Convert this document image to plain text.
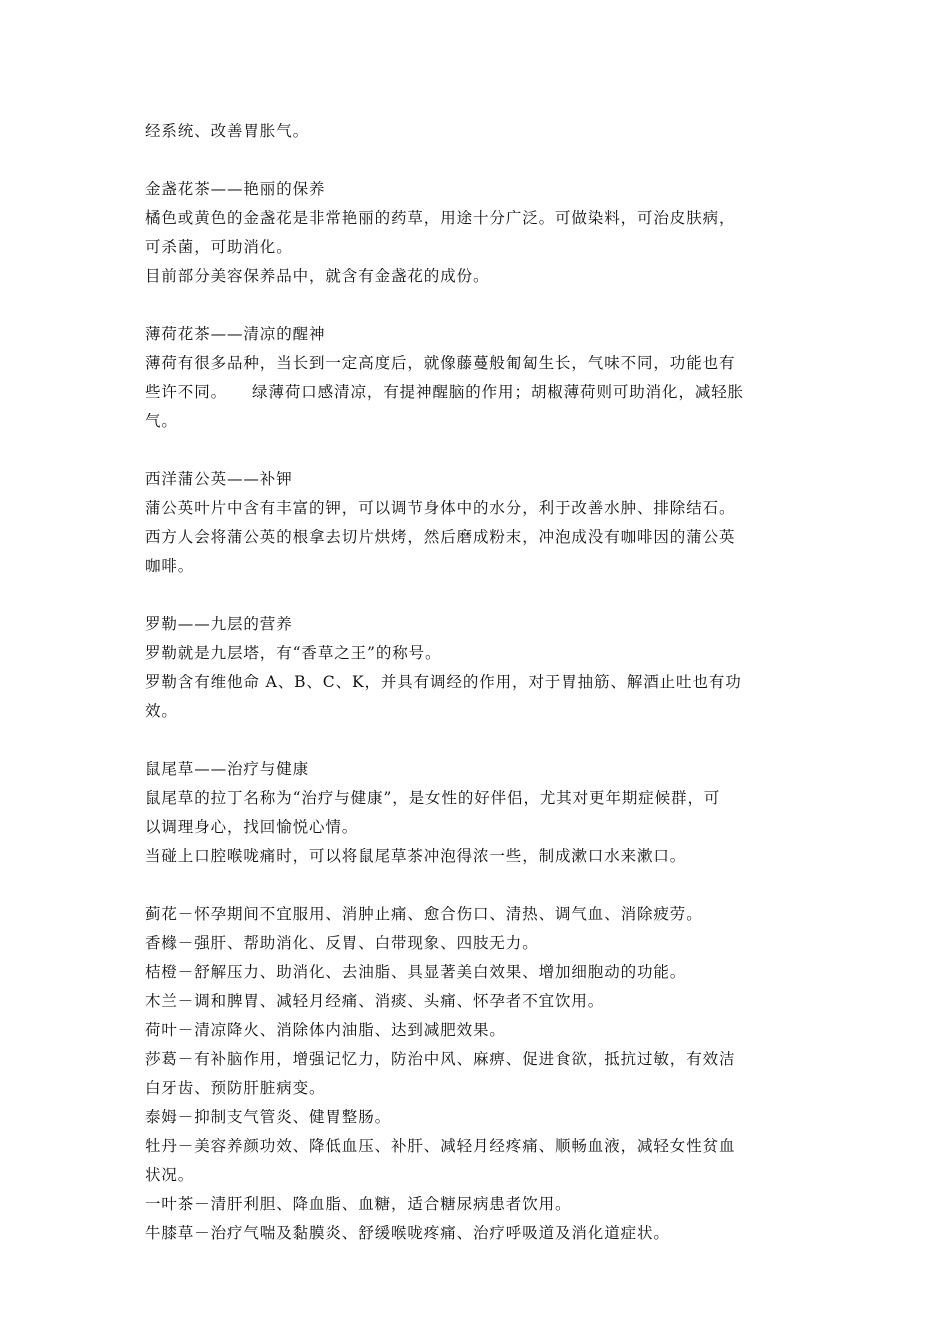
经系统、改善胃胀气。
金盏花茶——艳丽的保养
橘色或黄色的金盏花是非常艳丽的药草，用途十分广泛。可做染料，可治皮肤病，
可杀菌，可助消化。
目前部分美容保养品中，就含有金盏花的成份。
薄荷花茶——清凉的醒神
薄荷有很多品种，当长到一定高度后，就像藤蔓般匍匐生长，气味不同，功能也有
些许不同。　　绿薄荷口感清凉，有提神醒脑的作用；胡椒薄荷则可助消化，减轻胀
气。
西洋蒲公英——补钾
蒲公英叶片中含有丰富的钾，可以调节身体中的水分，利于改善水肿、排除结石。
西方人会将蒲公英的根拿去切片烘烤，然后磨成粉末，冲泡成没有咖啡因的蒲公英
咖啡。
罗勒——九层的营养
罗勒就是九层塔，有“香草之王”的称号。
罗勒含有维他命 A、B、C、K，并具有调经的作用，对于胃抽筋、解酒止吐也有功
效。
鼠尾草——治疗与健康
鼠尾草的拉丁名称为“治疗与健康”，是女性的好伴侣，尤其对更年期症候群，可
以调理身心，找回愉悦心情。
当碰上口腔喉咙痛时，可以将鼠尾草茶冲泡得浓一些，制成漱口水来漱口。
蓟花－怀孕期间不宜服用、消肿止痛、愈合伤口、清热、调气血、消除疲劳。
香橼－强肝、帮助消化、反胃、白带现象、四肢无力。
桔橙－舒解压力、助消化、去油脂、具显著美白效果、增加细胞动的功能。
木兰－调和脾胃、减轻月经痛、消痰、头痛、怀孕者不宜饮用。
荷叶－清凉降火、消除体内油脂、达到减肥效果。
莎葛－有补脑作用，增强记忆力，防治中风、麻痹、促进食欲，抵抗过敏，有效洁
白牙齿、预防肝脏病变。
泰姆－抑制支气管炎、健胃整肠。
牡丹－美容养颜功效、降低血压、补肝、减轻月经疼痛、顺畅血液，减轻女性贫血
状况。
一叶茶－清肝利胆、降血脂、血糖，适合糖尿病患者饮用。
牛膝草－治疗气喘及黏膜炎、舒缓喉咙疼痛、治疗呼吸道及消化道症状。
